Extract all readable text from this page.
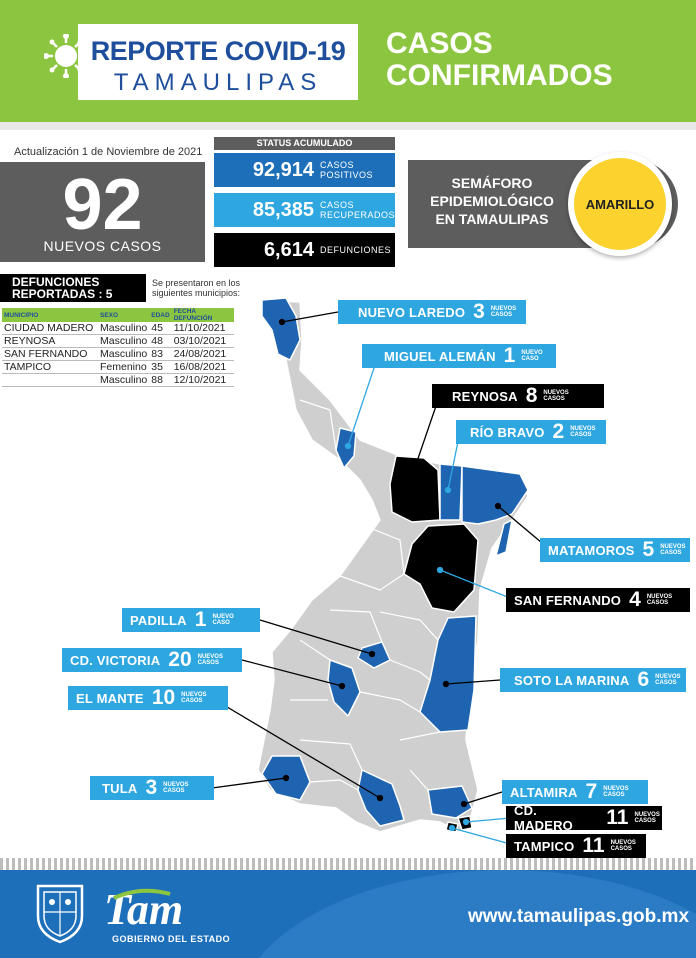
REPORTE COVID-19
TAMAULIPAS
CASOS
CONFIRMADOS
Actualización 1 de Noviembre de 2021
92
NUEVOS CASOS
STATUS ACUMULADO
92,914 CASOS
POSITIVOS
85,385 CASOS
RECUPERADOS
6,614 DEFUNCIONES
SEMÁFORO
EPIDEMIOLÓGICO
EN TAMAULIPAS
AMARILLO
DEFUNCIONES
REPORTADAS : 5
Se presentaron en los siguientes municipios:
MUNICIPIO	SEXO	EDAD	FECHA DEFUNCIÓN
CIUDAD MADERO	Masculino	45	11/10/2021
REYNOSA	Masculino	48	03/10/2021
SAN FERNANDO	Masculino	83	24/08/2021
TAMPICO	Femenino	35	16/08/2021
	Masculino	88	12/10/2021
NUEVO LAREDO 3 NUEVOS
CASOS
MIGUEL ALEMÁN 1 NUEVO
CASO
REYNOSA 8 NUEVOS
CASOS
RÍO BRAVO 2 NUEVOS
CASOS
MATAMOROS 5 NUEVOS
CASOS
SAN FERNANDO 4 NUEVOS
CASOS
PADILLA 1 NUEVO
CASO
CD. VICTORIA 20 NUEVOS
CASOS
SOTO LA MARINA 6 NUEVOS
CASOS
EL MANTE 10 NUEVOS
CASOS
TULA 3 NUEVOS
CASOS	ALTAMIRA 7 NUEVOS
CASOS
CD. MADERO	11 NUEVOS
CASOS
TAMPICO 11 NUEVOS
CASOS
Tam
GOBIERNO DEL ESTADO
www.tamaulipas.gob.mx
